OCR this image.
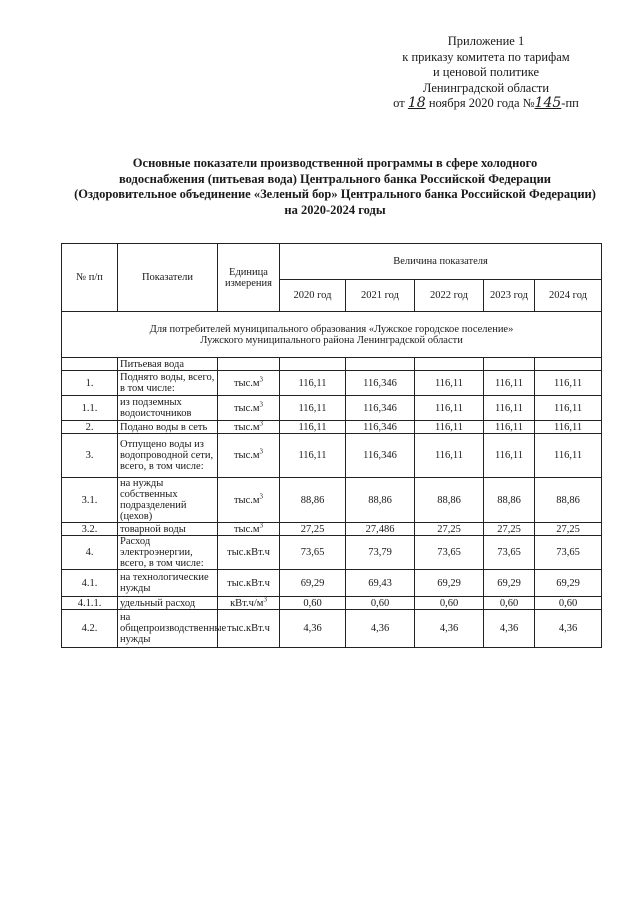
Приложение 1
к приказу комитета по тарифам
и ценовой политике
Ленинградской области
от 18 ноября 2020 года №145-пп
Основные показатели производственной программы в сфере холодного
водоснабжения (питьевая вода) Центрального банка Российской Федерации
(Оздоровительное объединение «Зеленый бор» Центрального банка Российской Федерации)
на 2020-2024 годы
№ п/п	Показатели	Единица измерения	Величина показателя				
			2020 год	2021 год	2022 год	2023 год	2024 год

Для потребителей муниципального образования «Лужское городское поселение»
Лужского муниципального района Ленинградской области							

	Питьевая вода						
1.	Поднято воды, всего, в том числе:	$тыс.м^3$	116,11	116,346	116,11	116,11	116,11
1.1.	из подземных водоисточников	$тыс.м^3$	116,11	116,346	116,11	116,11	116,11
2.	Подано воды в сеть	$тыс.м^3$	116,11	116,346	116,11	116,11	116,11
3.	Отпущено воды из водопроводной сети, всего, в том числе:	$тыс.м^3$	116,11	116,346	116,11	116,11	116,11
3.1.	на нужды собственных подразделений (цехов)	$тыс.м^3$	88,86	88,86	88,86	88,86	88,86
3.2.	товарной воды	$тыс.м^3$	27,25	27,486	27,25	27,25	27,25
4.	Расход электроэнергии, всего, в том числе:	тыс.кВт.ч	73,65	73,79	73,65	73,65	73,65
4.1.	на технологические нужды	тыс.кВт.ч	69,29	69,43	69,29	69,29	69,29
4.1.1.	удельный расход	$кВт.ч/м^3$	0,60	0,60	0,60	0,60	0,60
4.2.	на общепроизводственные нужды	тыс.кВт.ч	4,36	4,36	4,36	4,36	4,36
